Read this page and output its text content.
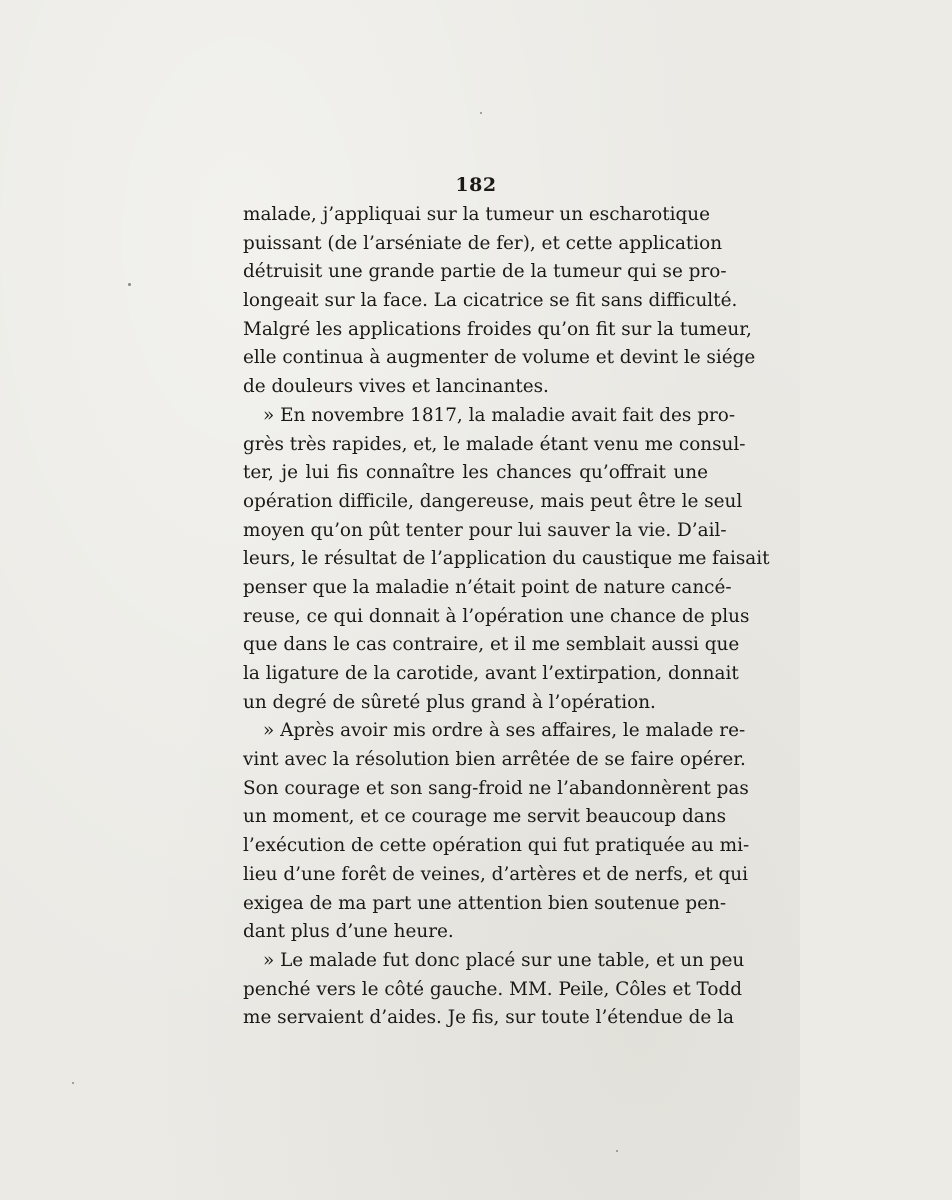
182
malade, j’appliquai sur la tumeur un escharotique
puissant (de l’arséniate de fer), et cette application
détruisit une grande partie de la tumeur qui se pro-
longeait sur la face. La cicatrice se fit sans difficulté.
Malgré les applications froides qu’on fit sur la tumeur,
elle continua à augmenter de volume et devint le siége
de douleurs vives et lancinantes.
» En novembre 1817, la maladie avait fait des pro-
grès très rapides, et, le malade étant venu me consul-
ter, je lui fis connaître les chances qu’offrait une
opération difficile, dangereuse, mais peut être le seul
moyen qu’on pût tenter pour lui sauver la vie. D’ail-
leurs, le résultat de l’application du caustique me faisait
penser que la maladie n’était point de nature cancé-
reuse, ce qui donnait à l’opération une chance de plus
que dans le cas contraire, et il me semblait aussi que
la ligature de la carotide, avant l’extirpation, donnait
un degré de sûreté plus grand à l’opération.
» Après avoir mis ordre à ses affaires, le malade re-
vint avec la résolution bien arrêtée de se faire opérer.
Son courage et son sang-froid ne l’abandonnèrent pas
un moment, et ce courage me servit beaucoup dans
l’exécution de cette opération qui fut pratiquée au mi-
lieu d’une forêt de veines, d’artères et de nerfs, et qui
exigea de ma part une attention bien soutenue pen-
dant plus d’une heure.
» Le malade fut donc placé sur une table, et un peu
penché vers le côté gauche. MM. Peile, Côles et Todd
me servaient d’aides. Je fis, sur toute l’étendue de la
